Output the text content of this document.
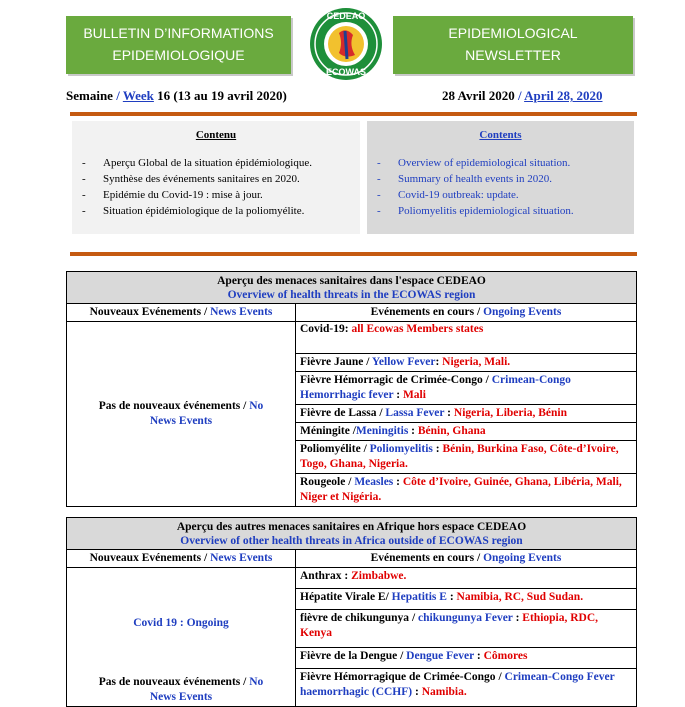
BULLETIN D’INFORMATIONS
EPIDEMIOLOGIQUE
CEDEAO
ECOWAS
EPIDEMIOLOGICAL
NEWSLETTER
Semaine / Week 16 (13 au 19 avril 2020)	28 Avril 2020 / April 28, 2020
Contenu
- Aperçu Global de la situation épidémiologique.
- Synthèse des événements sanitaires en 2020.
- Epidémie du Covid-19 : mise à jour.
- Situation épidémiologique de la poliomyélite.
Contents
- Overview of epidemiological situation.
- Summary of health events in 2020.
- Covid-19 outbreak: update.
- Poliomyelitis epidemiological situation.
Aperçu des menaces sanitaires dans l'espace CEDEAO
Overview of health threats in the ECOWAS region	

Nouveaux Evénements / News Events	Evénements en cours / Ongoing Events
Pas de nouveaux événements / No
News Events	Covid-19: all Ecowas Members states
	Fièvre Jaune / Yellow Fever: Nigeria, Mali.
	Fièvre Hémorragic de Crimée-Congo / Crimean-Congo Hemorrhagic fever : Mali
	Fièvre de Lassa / Lassa Fever : Nigeria, Liberia, Bénin
	Méningite /Meningitis : Bénin, Ghana
	Poliomyélite / Poliomyelitis : Bénin, Burkina Faso, Côte-d’Ivoire, Togo, Ghana, Nigeria.
	Rougeole / Measles : Côte d’Ivoire, Guinée, Ghana, Libéria, Mali, Niger et Nigéria.
Aperçu des autres menaces sanitaires en Afrique hors espace CEDEAO
Overview of other health threats in Africa outside of ECOWAS region	

Nouveaux Evénements / News Events	Evénements en cours / Ongoing Events

Covid 19 : Ongoing
Pas de nouveaux événements / No
News Events	Anthrax : Zimbabwe.
	Hépatite Virale E/ Hepatitis E : Namibia, RC, Sud Sudan.
	fièvre de chikungunya / chikungunya Fever : Ethiopia, RDC, Kenya
	Fièvre de la Dengue / Dengue Fever : Cômores
	Fièvre Hémorragique de Crimée-Congo / Crimean-Congo Fever haemorrhagic (CCHF) : Namibia.
